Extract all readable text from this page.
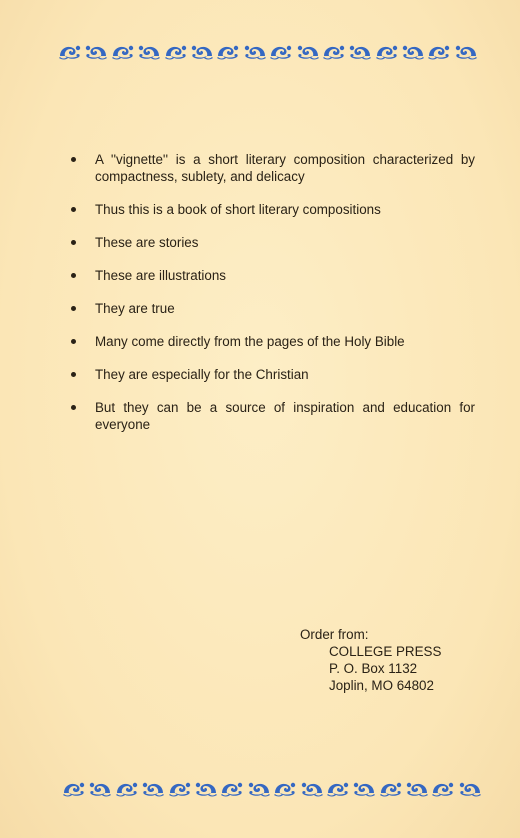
A ''vignette'' is a short literary composition characterized by compactness, sublety, and delicacy
Thus this is a book of short literary compositions
These are stories
These are illustrations
They are true
Many come directly from the pages of the Holy Bible
They are especially for the Christian
But they can be a source of inspiration and education for everyone
Order from:
COLLEGE PRESS
P. O. Box 1132
Joplin, MO 64802
